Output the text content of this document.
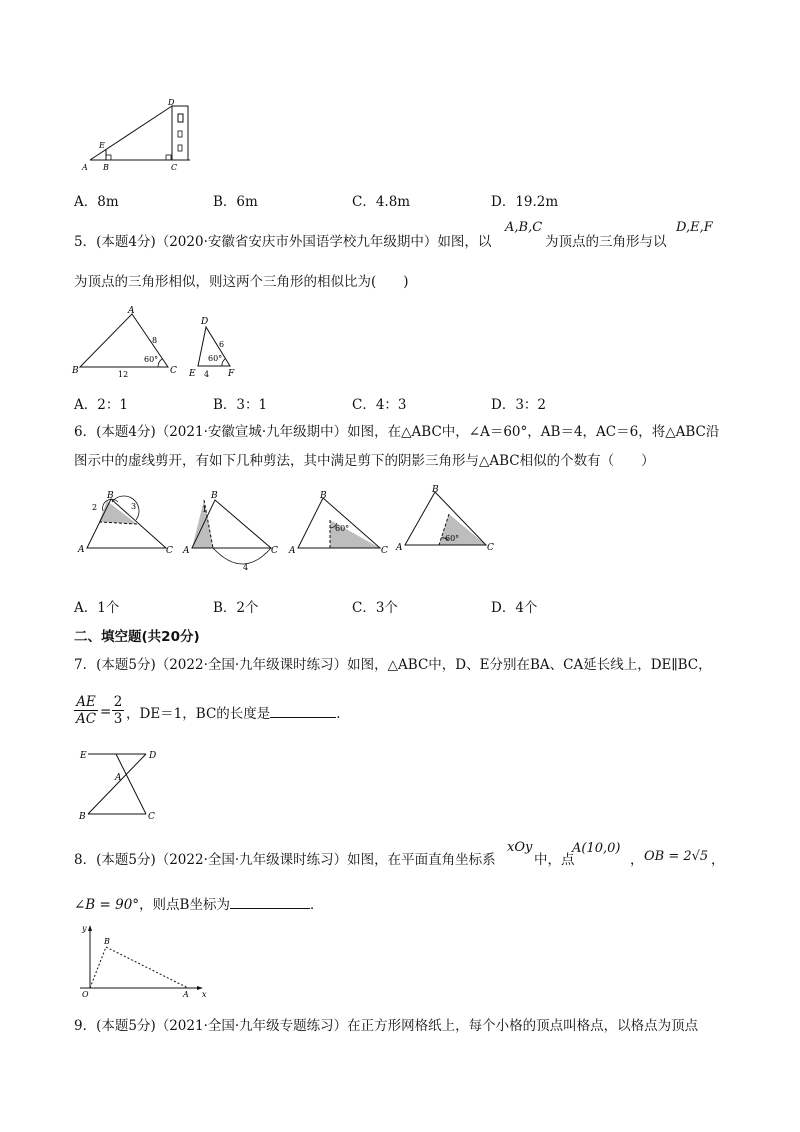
A B	C
D
E
A．8m	B．6m	C．4.8m	D．19.2m
5．(本题4分)（2020·安徽省安庆市外国语学校九年级期中）如图，以
A,B,C
为顶点的三角形与以
D,E,F
为顶点的三角形相似，则这两个三角形的相似比为(　　)
A
B	C
8
12
60°
D
E	F
6
4
60°
A．2：1	B．3：1	C．4：3	D．3：2
6．(本题4分)（2021·安徽宣城·九年级期中）如图，在△ABC中，∠A＝60°，AB＝4，AC＝6，将△ABC沿
图示中的虚线剪开，有如下几种剪法，其中满足剪下的阴影三角形与△ABC相似的个数有（　　）
B
A	C
2	3
B
A	C
1
4
B
A	C
60°
B
A	C
60°
A．1个	B．2个	C．3个	D．4个
二、填空题(共20分)
7．(本题5分)（2022·全国·九年级课时练习）如图，△ABC中，D、E分别在BA、CA延长线上，DE∥BC，
$\frac{AE}{AC} = \frac{2}{3}$ ，DE＝1，BC的长度是	．
E	D
A
B	C
8．(本题5分)（2022·全国·九年级课时练习）如图，在平面直角坐标系
xOy
中，点
A(10,0)
， OB = 2√5 ，
∠B = 90°，则点B坐标为	．
y
x
O	A
B
9．(本题5分)（2021·全国·九年级专题练习）在正方形网格纸上，每个小格的顶点叫格点，以格点为顶点
